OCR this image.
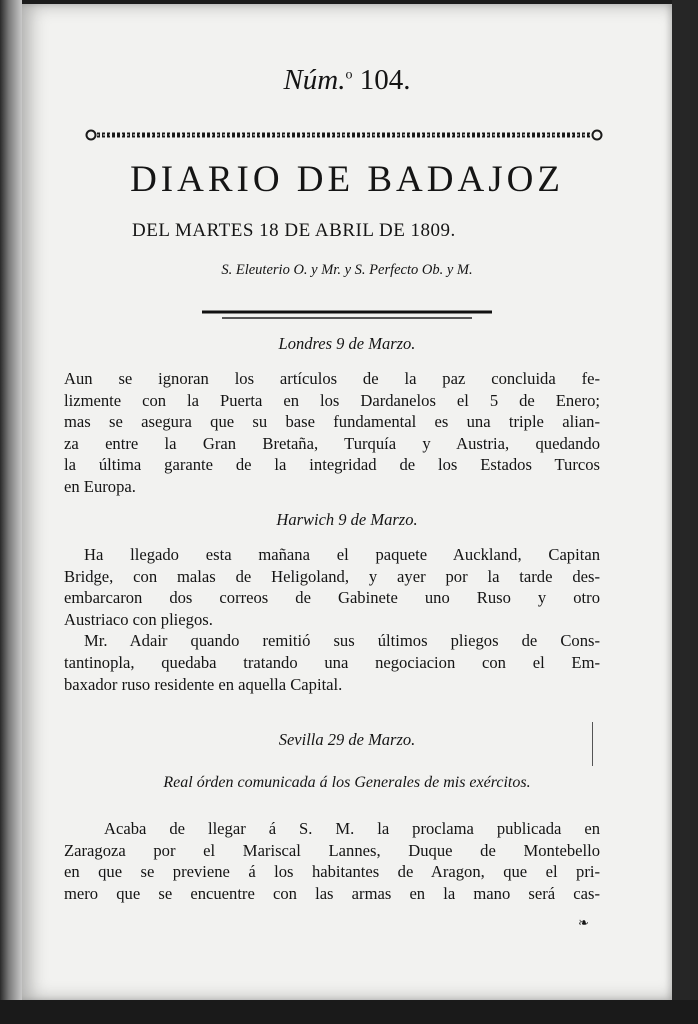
Núm.$^o$ 104.
DIARIO DE BADAJOZ
DEL MARTES 18 DE ABRIL DE 1809.
S. Eleuterio O. y Mr. y S. Perfecto Ob. y M.
Londres 9 de Marzo.
Aun se ignoran los artículos de la paz concluida fe-
lizmente con la Puerta en los Dardanelos el 5 de Enero;
mas se asegura que su base fundamental es una triple alian-
za entre la Gran Bretaña, Turquía y Austria, quedando
la última garante de la integridad de los Estados Turcos
en Europa.
Harwich 9 de Marzo.
Ha llegado esta mañana el paquete Auckland, Capitan
Bridge, con malas de Heligoland, y ayer por la tarde des-
embarcaron dos correos de Gabinete uno Ruso y otro
Austriaco con pliegos.
Mr. Adair quando remitió sus últimos pliegos de Cons-
tantinopla, quedaba tratando una negociacion con el Em-
baxador ruso residente en aquella Capital.
Sevilla 29 de Marzo.
Real órden comunicada á los Generales de mis exércitos.
Acaba de llegar á S. M. la proclama publicada en
Zaragoza por el Mariscal Lannes, Duque de Montebello
en que se previene á los habitantes de Aragon, que el pri-
mero que se encuentre con las armas en la mano será cas-
❧
